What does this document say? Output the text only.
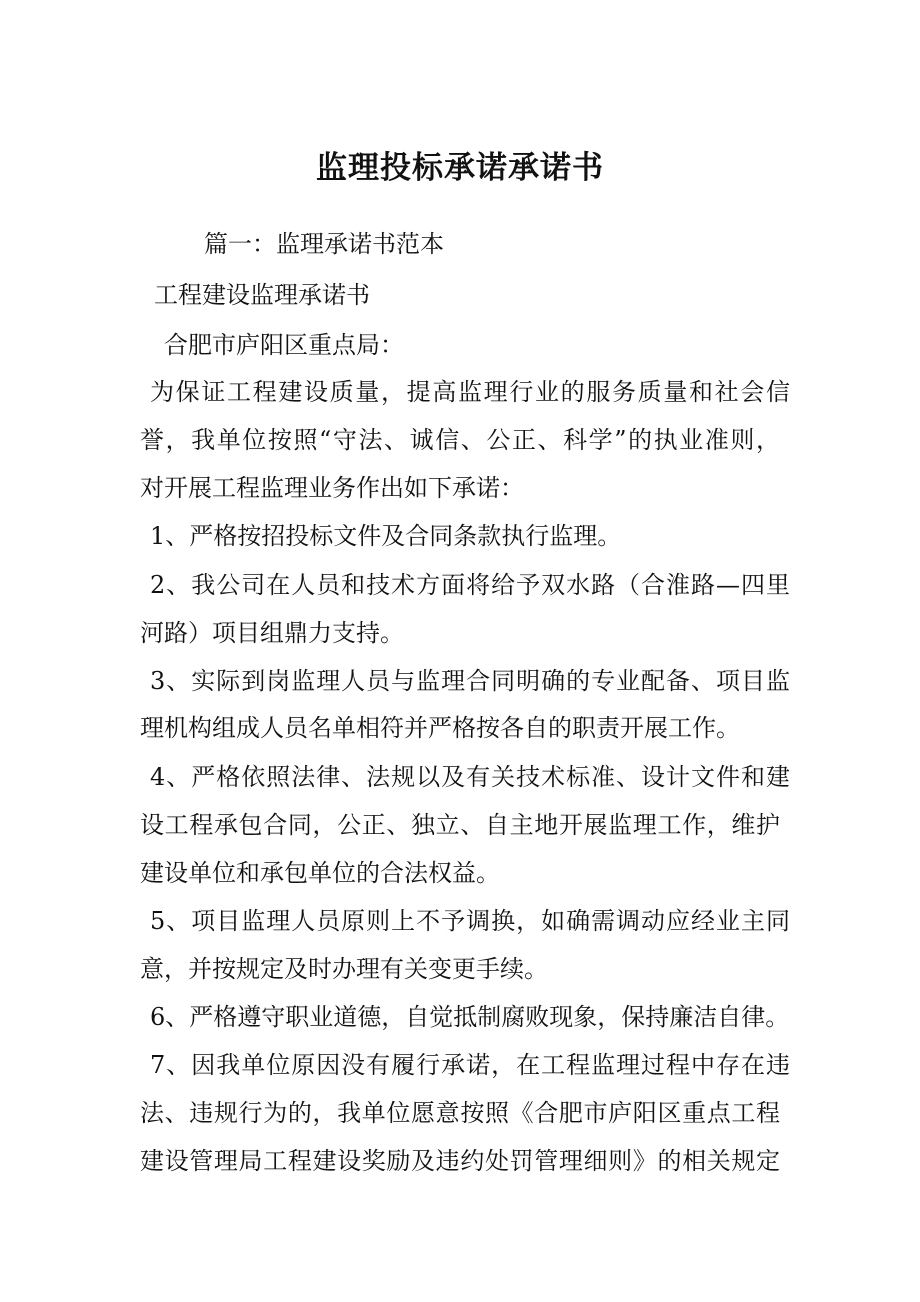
监理投标承诺承诺书

篇一：监理承诺书范本

工程建设监理承诺书

合肥市庐阳区重点局：

为保证工程建设质量，提高监理行业的服务质量和社会信

誉，我单位按照“守法、诚信、公正、科学”的执业准则，

对开展工程监理业务作出如下承诺：

1、严格按招投标文件及合同条款执行监理。

2、我公司在人员和技术方面将给予双水路（合淮路—四里

河路）项目组鼎力支持。

3、实际到岗监理人员与监理合同明确的专业配备、项目监

理机构组成人员名单相符并严格按各自的职责开展工作。

4、严格依照法律、法规以及有关技术标准、设计文件和建

设工程承包合同，公正、独立、自主地开展监理工作，维护

建设单位和承包单位的合法权益。

5、项目监理人员原则上不予调换，如确需调动应经业主同

意，并按规定及时办理有关变更手续。

6、严格遵守职业道德，自觉抵制腐败现象，保持廉洁自律。

7、因我单位原因没有履行承诺，在工程监理过程中存在违

法、违规行为的，我单位愿意按照《合肥市庐阳区重点工程

建设管理局工程建设奖励及违约处罚管理细则》的相关规定
